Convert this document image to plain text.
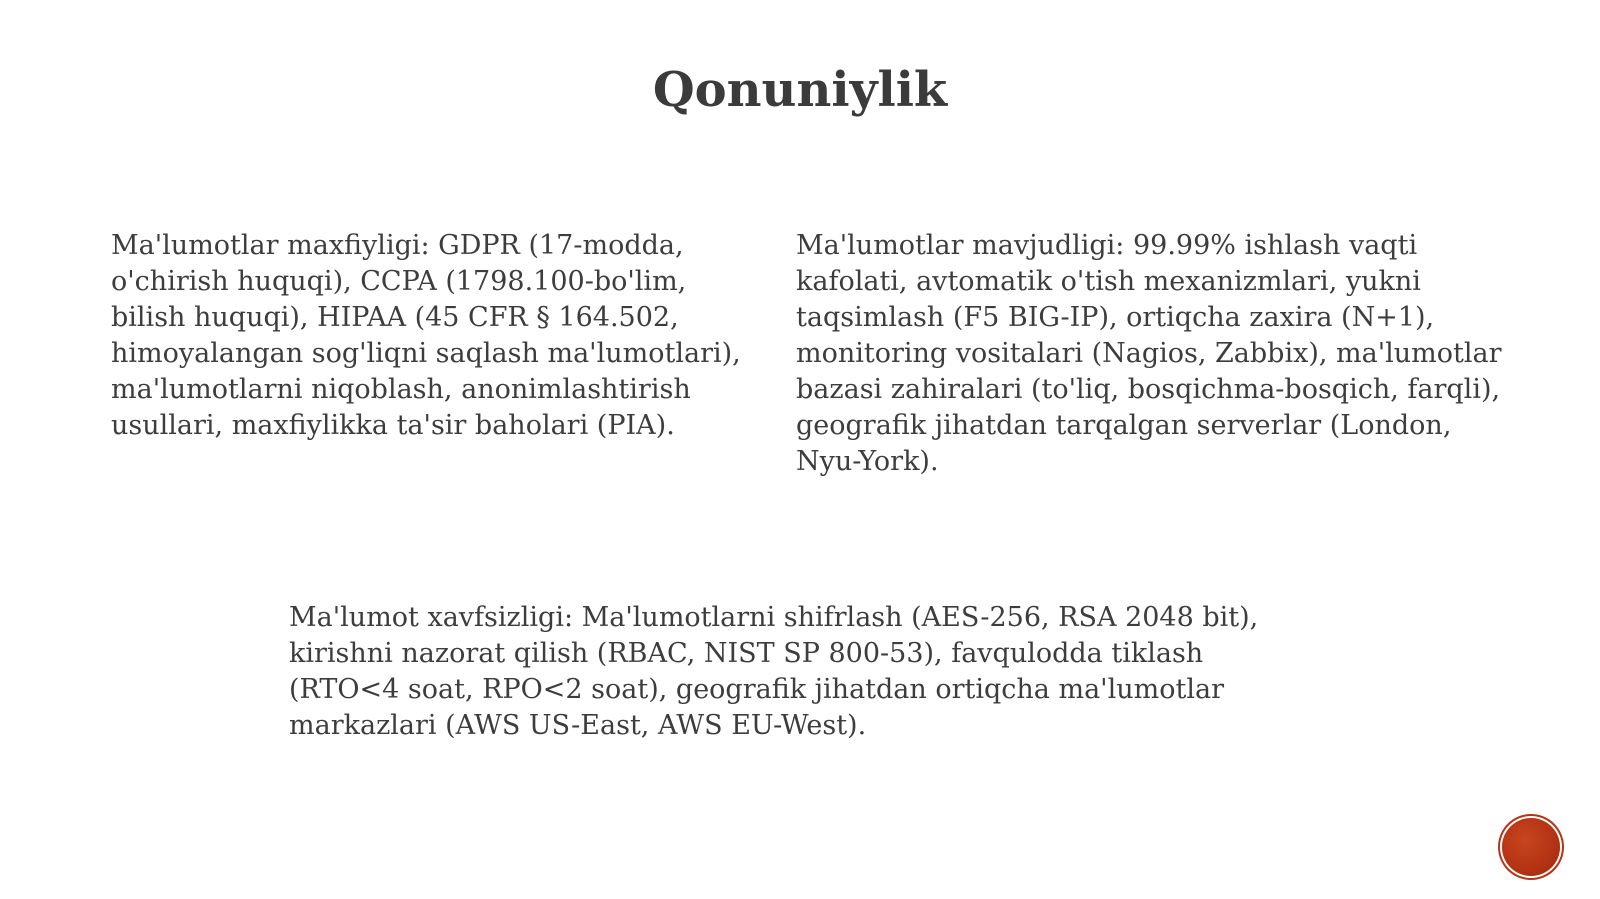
Qonuniylik

Ma'lumotlar maxfiyligi: GDPR (17-modda, o'chirish huquqi), CCPA (1798.100-bo'lim, bilish huquqi), HIPAA (45 CFR § 164.502, himoyalangan sog'liqni saqlash ma'lumotlari), ma'lumotlarni niqoblash, anonimlashtirish usullari, maxfiylikka ta'sir baholari (PIA).

Ma'lumotlar mavjudligi: 99.99% ishlash vaqti kafolati, avtomatik o'tish mexanizmlari, yukni taqsimlash (F5 BIG-IP), ortiqcha zaxira (N+1), monitoring vositalari (Nagios, Zabbix), ma'lumotlar bazasi zahiralari (to'liq, bosqichma-bosqich, farqli), geografik jihatdan tarqalgan serverlar (London, Nyu-York).

Ma'lumot xavfsizligi: Ma'lumotlarni shifrlash (AES-256, RSA 2048 bit), kirishni nazorat qilish (RBAC, NIST SP 800-53), favqulodda tiklash (RTO<4 soat, RPO<2 soat), geografik jihatdan ortiqcha ma'lumotlar markazlari (AWS US-East, AWS EU-West).
